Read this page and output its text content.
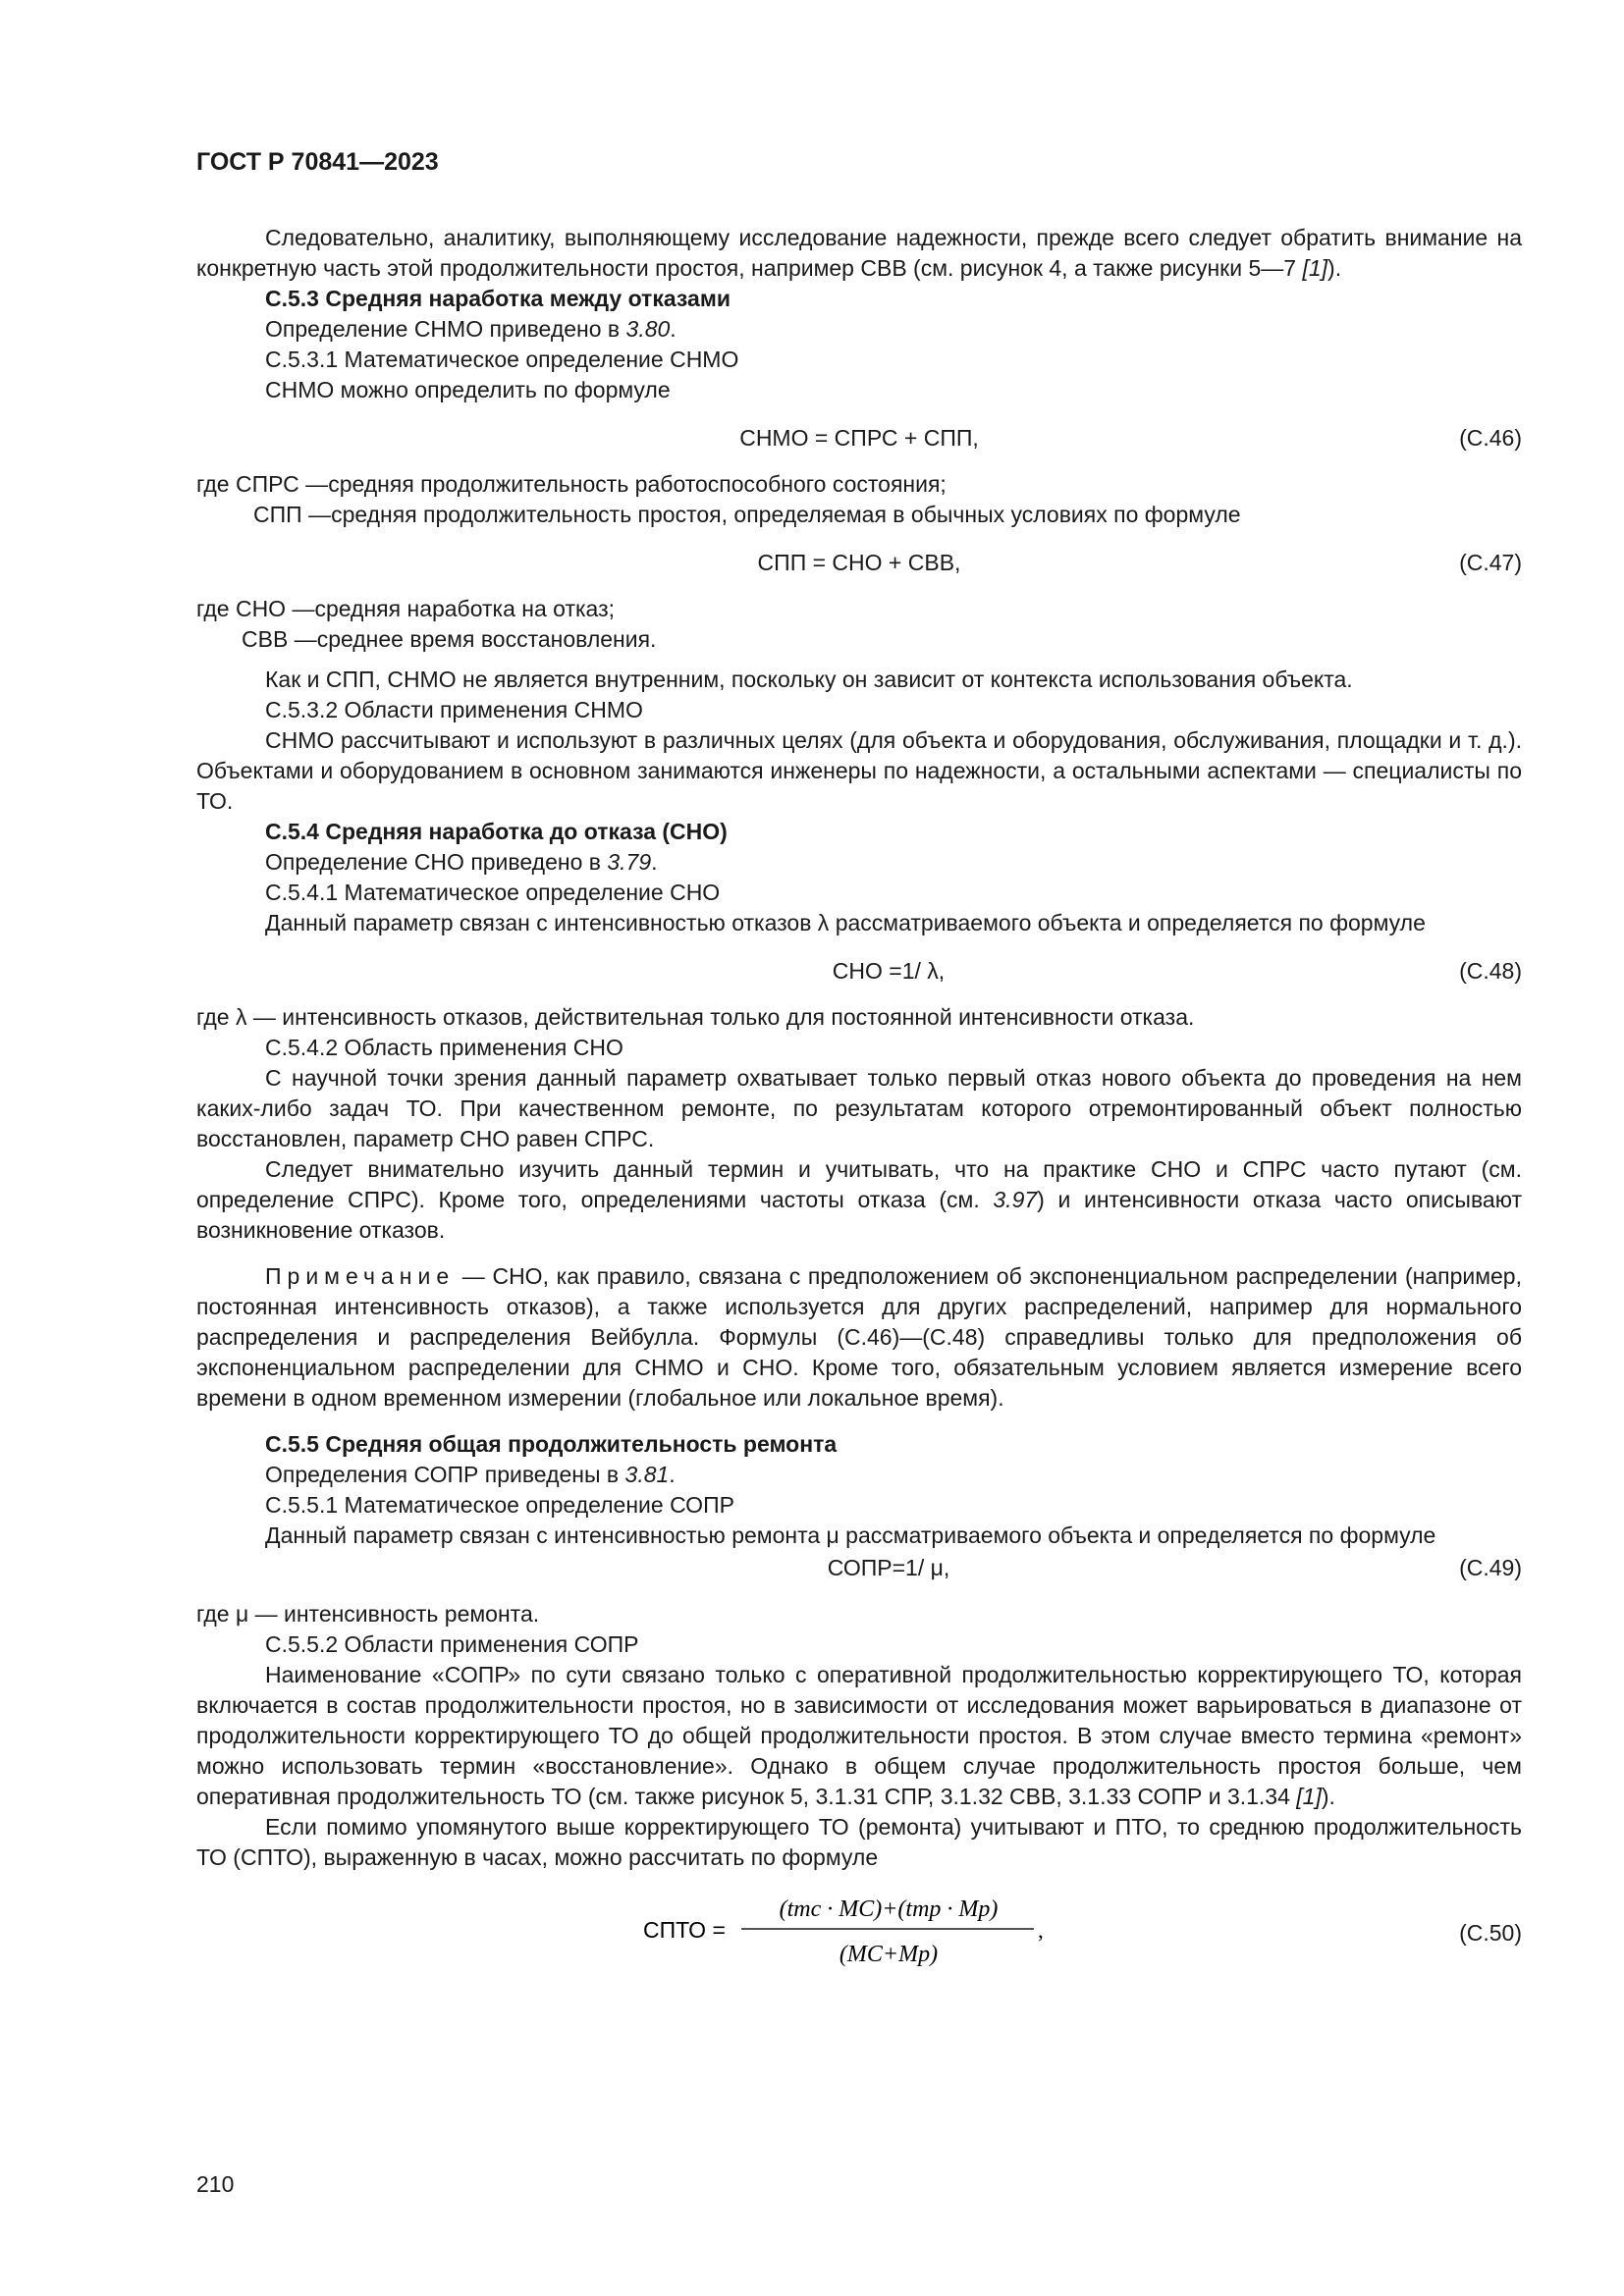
ГОСТ Р 70841—2023

Следовательно, аналитику, выполняющему исследование надежности, прежде всего следует обратить внимание на конкретную часть этой продолжительности простоя, например СВВ (см. рисунок 4, а также рисунки 5—7 [1]).

С.5.3 Средняя наработка между отказами

Определение СНМО приведено в 3.80.

С.5.3.1 Математическое определение СНМО

СНМО можно определить по формуле

СНМО = СПРС + СПП,	(С.46)
где СПРС — средняя продолжительность работоспособного состояния;
СПП — средняя продолжительность простоя, определяемая в обычных условиях по формуле
СПП = СНО + СВВ,	(С.47)
где СНО — средняя наработка на отказ;
СВВ — среднее время восстановления.

Как и СПП, СНМО не является внутренним, поскольку он зависит от контекста использования объекта.

С.5.3.2 Области применения СНМО

СНМО рассчитывают и используют в различных целях (для объекта и оборудования, обслуживания, площадки и т. д.). Объектами и оборудованием в основном занимаются инженеры по надежности, а остальными аспектами — специалисты по ТО.

С.5.4 Средняя наработка до отказа (СНО)

Определение СНО приведено в 3.79.

С.5.4.1 Математическое определение СНО

Данный параметр связан с интенсивностью отказов λ рассматриваемого объекта и определяется по формуле

СНО =1/ λ,	(С.48)

где λ — интенсивность отказов, действительная только для постоянной интенсивности отказа.

С.5.4.2 Область применения СНО

С научной точки зрения данный параметр охватывает только первый отказ нового объекта до проведения на нем каких-либо задач ТО. При качественном ремонте, по результатам которого отремонтированный объект полностью восстановлен, параметр СНО равен СПРС.

Следует внимательно изучить данный термин и учитывать, что на практике СНО и СПРС часто путают (см. определение СПРС). Кроме того, определениями частоты отказа (см. 3.97) и интенсивности отказа часто описывают возникновение отказов.

Примечание — СНО, как правило, связана с предположением об экспоненциальном распределении (например, постоянная интенсивность отказов), а также используется для других распределений, например для нормального распределения и распределения Вейбулла. Формулы (С.46)—(С.48) справедливы только для предположения об экспоненциальном распределении для СНМО и СНО. Кроме того, обязательным условием является измерение всего времени в одном временном измерении (глобальное или локальное время).

С.5.5 Средняя общая продолжительность ремонта

Определения СОПР приведены в 3.81.

С.5.5.1 Математическое определение СОПР

Данный параметр связан с интенсивностью ремонта μ рассматриваемого объекта и определяется по формуле

СОПР=1/ μ,	(С.49)

где μ — интенсивность ремонта.

С.5.5.2 Области применения СОПР

Наименование «СОПР» по сути связано только с оперативной продолжительностью корректирующего ТО, которая включается в состав продолжительности простоя, но в зависимости от исследования может варьироваться в диапазоне от продолжительности корректирующего ТО до общей продолжительности простоя. В этом случае вместо термина «ремонт» можно использовать термин «восстановление». Однако в общем случае продолжительность простоя больше, чем оперативная продолжительность ТО (см. также рисунок 5, 3.1.31 СПР, 3.1.32 СВВ, 3.1.33 СОПР и 3.1.34 [1]).

Если помимо упомянутого выше корректирующего ТО (ремонта) учитывают и ПТО, то среднюю продолжительность ТО (СПТО), выраженную в часах, можно рассчитать по формуле

СПТО =
(tmc · MC)+(tmp · Mp)
(MC+Mp)
,	(С.50)
210
